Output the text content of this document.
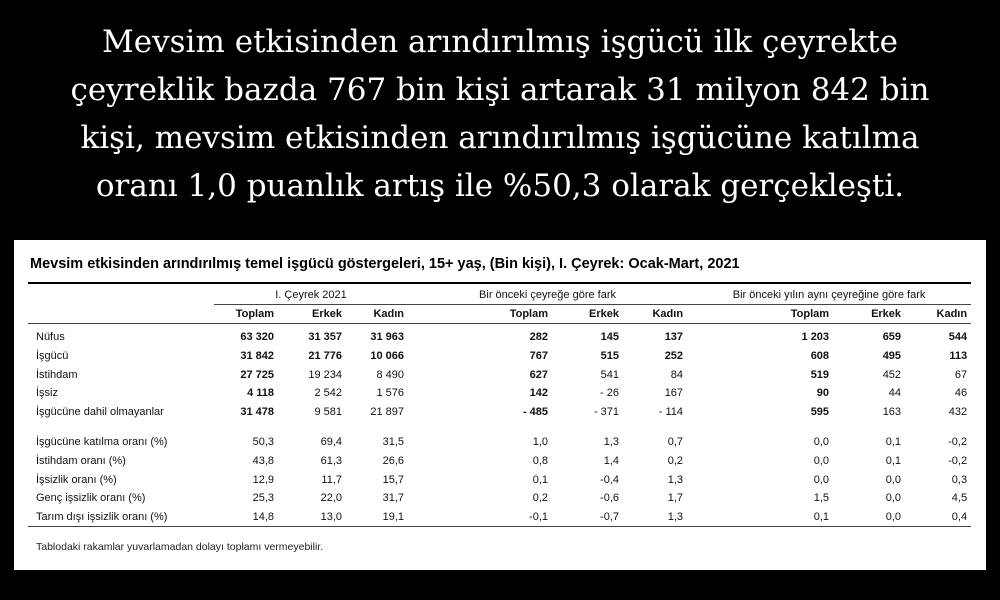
Mevsim etkisinden arındırılmış işgücü ilk çeyrekte
çeyreklik bazda 767 bin kişi artarak 31 milyon 842 bin
kişi, mevsim etkisinden arındırılmış işgücüne katılma
oranı 1,0 puanlık artış ile %50,3 olarak gerçekleşti.
Mevsim etkisinden arındırılmış temel işgücü göstergeleri, 15+ yaş, (Bin kişi), I. Çeyrek: Ocak-Mart, 2021
	I. Çeyrek 2021			Bir önceki çeyreğe göre fark			Bir önceki yılın aynı çeyreğine göre fark		
	Toplam	Erkek	Kadın	Toplam	Erkek	Kadın	Toplam	Erkek	Kadın

Nüfus	63 320	31 357	31 963	282	145	137	1 203	659	544
İşgücü	31 842	21 776	10 066	767	515	252	608	495	113
İstihdam	27 725	19 234	8 490	627	541	84	519	452	67
İşsiz	4 118	2 542	1 576	142	- 26	167	90	44	46
İşgücüne dahil olmayanlar	31 478	9 581	21 897	- 485	- 371	- 114	595	163	432

İşgücüne katılma oranı (%)	50,3	69,4	31,5	1,0	1,3	0,7	0,0	0,1	-0,2
İstihdam oranı (%)	43,8	61,3	26,6	0,8	1,4	0,2	0,0	0,1	-0,2
İşsizlik oranı (%)	12,9	11,7	15,7	0,1	-0,4	1,3	0,0	0,0	0,3
Genç işsizlik oranı (%)	25,3	22,0	31,7	0,2	-0,6	1,7	1,5	0,0	4,5
Tarım dışı işsizlik oranı (%)	14,8	13,0	19,1	-0,1	-0,7	1,3	0,1	0,0	0,4
Tablodaki rakamlar yuvarlamadan dolayı toplamı vermeyebilir.
